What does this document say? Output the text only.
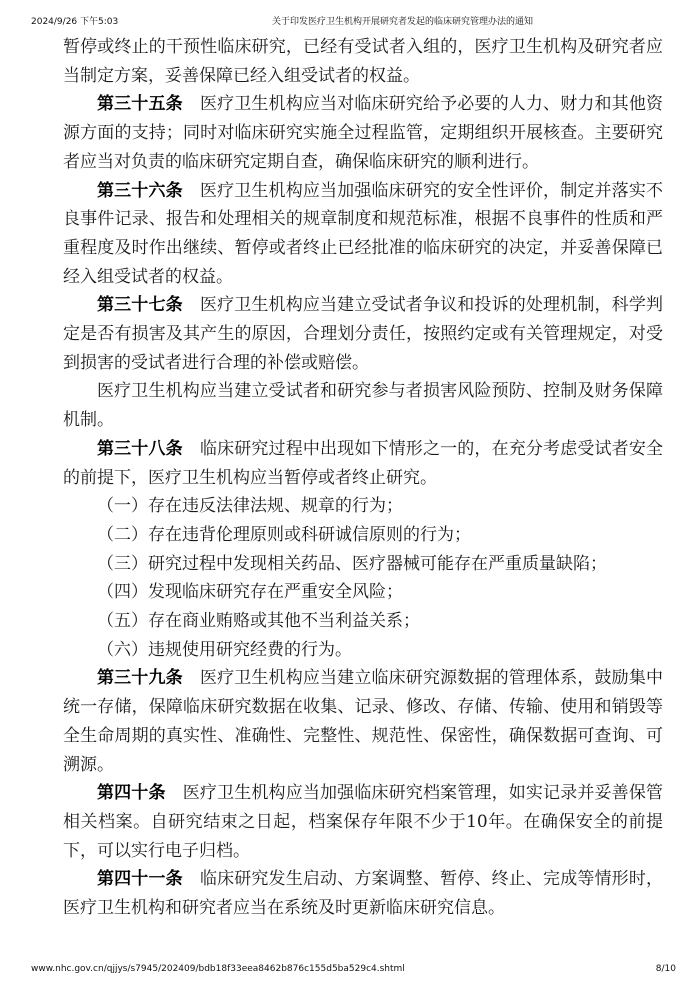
2024/9/26 下午5:03	关于印发医疗卫生机构开展研究者发起的临床研究管理办法的通知

暂停或终止的干预性临床研究，已经有受试者入组的，医疗卫生机构及研究者应当制定方案，妥善保障已经入组受试者的权益。

第三十五条　 医疗卫生机构应当对临床研究给予必要的人力、财力和其他资源方面的支持；同时对临床研究实施全过程监管，定期组织开展核查。主要研究者应当对负责的临床研究定期自查，确保临床研究的顺利进行。

第三十六条　 医疗卫生机构应当加强临床研究的安全性评价，制定并落实不良事件记录、报告和处理相关的规章制度和规范标准，根据不良事件的性质和严重程度及时作出继续、暂停或者终止已经批准的临床研究的决定，并妥善保障已经入组受试者的权益。

第三十七条　 医疗卫生机构应当建立受试者争议和投诉的处理机制，科学判定是否有损害及其产生的原因，合理划分责任，按照约定或有关管理规定，对受到损害的受试者进行合理的补偿或赔偿。

医疗卫生机构应当建立受试者和研究参与者损害风险预防、控制及财务保障机制。

第三十八条　 临床研究过程中出现如下情形之一的，在充分考虑受试者安全的前提下，医疗卫生机构应当暂停或者终止研究。

（一）存在违反法律法规、规章的行为；

（二）存在违背伦理原则或科研诚信原则的行为；

（三）研究过程中发现相关药品、医疗器械可能存在严重质量缺陷；

（四）发现临床研究存在严重安全风险；

（五）存在商业贿赂或其他不当利益关系；

（六）违规使用研究经费的行为。

第三十九条　 医疗卫生机构应当建立临床研究源数据的管理体系，鼓励集中统一存储，保障临床研究数据在收集、记录、修改、存储、传输、使用和销毁等全生命周期的真实性、准确性、完整性、规范性、保密性，确保数据可查询、可溯源。

第四十条　 医疗卫生机构应当加强临床研究档案管理，如实记录并妥善保管相关档案。自研究结束之日起，档案保存年限不少于10年。在确保安全的前提下，可以实行电子归档。

第四十一条　 临床研究发生启动、方案调整、暂停、终止、完成等情形时，医疗卫生机构和研究者应当在系统及时更新临床研究信息。

www.nhc.gov.cn/qjjys/s7945/202409/bdb18f33eea8462b876c155d5ba529c4.shtml	8/10
